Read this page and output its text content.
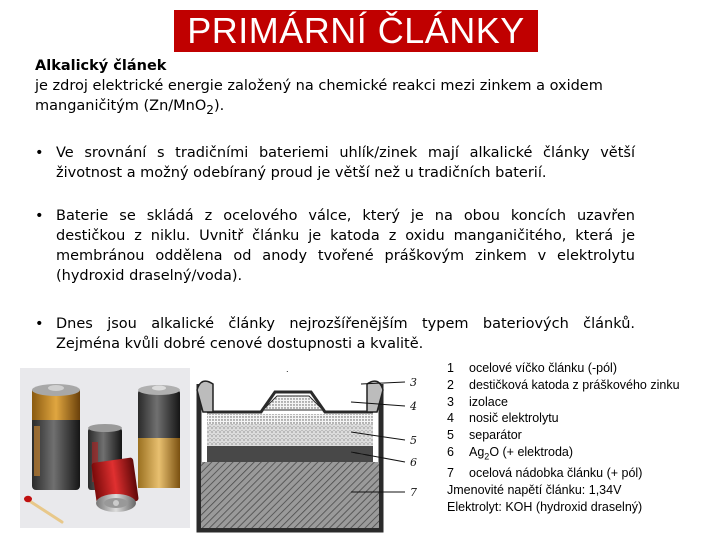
PRIMÁRNÍ ČLÁNKY

Alkalický článek

je zdroj elektrické energie založený na chemické reakci mezi zinkem a oxidem

manganičitým (Zn/MnO$_2$).

• Ve srovnání s tradičními bateriemi uhlík/zinek mají alkalické články větší životnost a možný odebíraný proud je větší než u tradičních baterií.
• Baterie se skládá z ocelového válce, který je na obou koncích uzavřen destičkou z niklu. Uvnitř článku je katoda z oxidu manganičitého, která je membránou oddělena od anody tvořené práškovým zinkem v elektrolytu (hydroxid draselný/voda).
• Dnes jsou alkalické články nejrozšířenějším typem bateriových článků. Zejména kvůli dobré cenové dostupnosti a kvalitě.
.
3
4
5
6
7
1 ocelové víčko článku (-pól)
2 destičková katoda z práškového zinku
3 izolace
4 nosič elektrolytu
5 separátor
6 $Ag_2O$ (+ elektroda)
7 ocelová nádobka článku (+ pól)
Jmenovité napětí článku: 1,34V
Elektrolyt: KOH (hydroxid draselný)
